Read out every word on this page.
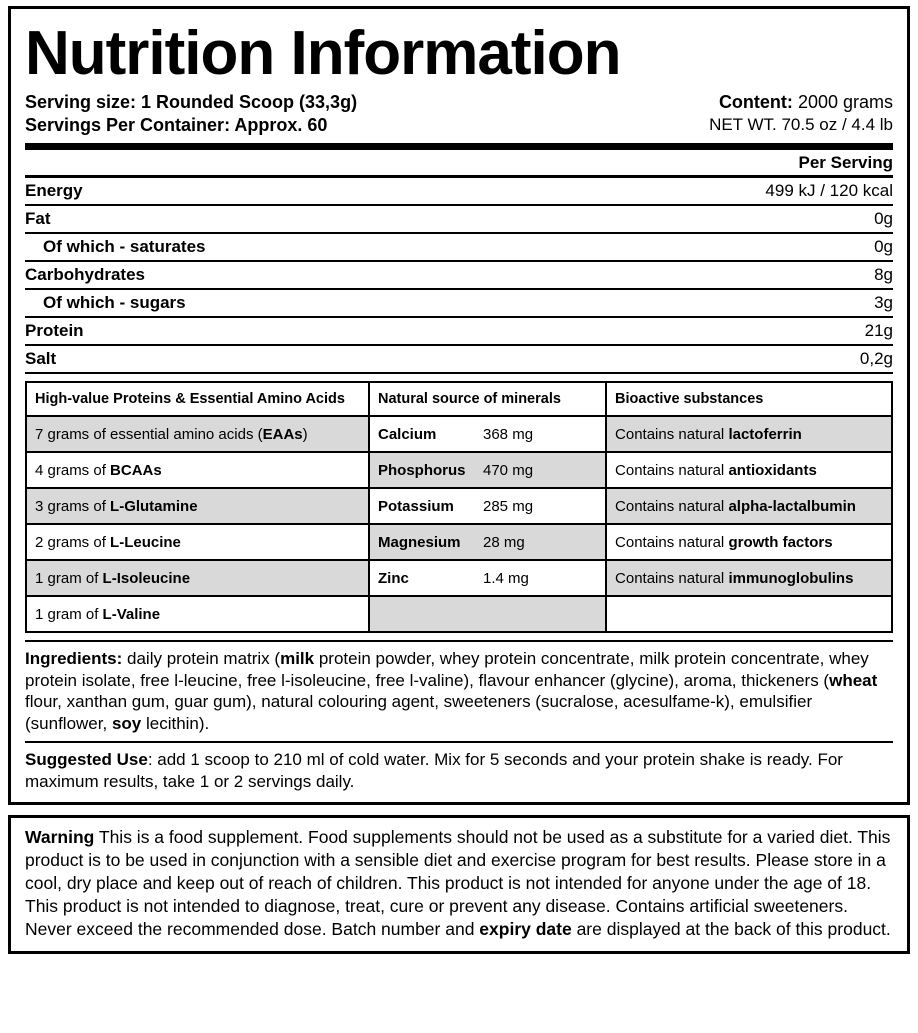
Nutrition Information
Serving size: 1 Rounded Scoop (33,3g)
Servings Per Container: Approx. 60
Content: 2000 grams
NET WT. 70.5 oz / 4.4 lb
	Per Serving
Energy	499 kJ / 120 kcal
Fat	0g
Of which - saturates	0g
Carbohydrates	8g
Of which - sugars	3g
Protein	21g
Salt	0,2g
High-value Proteins & Essential Amino Acids	Natural source of minerals	Bioactive substances
7 grams of essential amino acids (EAAs)	Calcium 368 mg	Contains natural lactoferrin
4 grams of BCAAs	Phosphorus 470 mg	Contains natural antioxidants
3 grams of L-Glutamine	Potassium 285 mg	Contains natural alpha-lactalbumin
2 grams of L-Leucine	Magnesium 28 mg	Contains natural growth factors
1 gram of L-Isoleucine	Zinc 1.4 mg	Contains natural immunoglobulins
1 gram of L-Valine		
Ingredients: daily protein matrix (milk protein powder, whey protein concentrate, milk protein concentrate, whey protein isolate, free l-leucine, free l-isoleucine, free l-valine), flavour enhancer (glycine), aroma, thickeners (wheat flour, xanthan gum, guar gum), natural colouring agent, sweeteners (sucralose, acesulfame-k), emulsifier (sunflower, soy lecithin).
Suggested Use: add 1 scoop to 210 ml of cold water. Mix for 5 seconds and your protein shake is ready. For maximum results, take 1 or 2 servings daily.
Warning This is a food supplement. Food supplements should not be used as a substitute for a varied diet. This product is to be used in conjunction with a sensible diet and exercise program for best results. Please store in a cool, dry place and keep out of reach of children. This product is not intended for anyone under the age of 18. This product is not intended to diagnose, treat, cure or prevent any disease. Contains artificial sweeteners. Never exceed the recommended dose. Batch number and expiry date are displayed at the back of this product.
